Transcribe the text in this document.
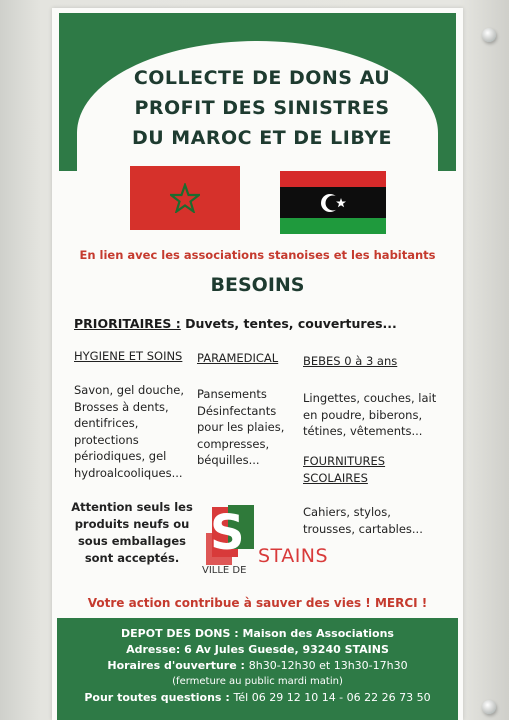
COLLECTE DE DONS AU
PROFIT DES SINISTRES
DU MAROC ET DE LIBYE
En lien avec les associations stanoises et les habitants
BESOINS
PRIORITAIRES : Duvets, tentes, couvertures...
HYGIENE ET SOINS PARAMEDICAL BEBES 0 à 3 ans
Savon, gel douche,
Brosses à dents,
dentifrices,
protections
périodiques, gel
hydroalcooliques...
Pansements
Désinfectants
pour les plaies,
compresses,
béquilles...
Lingettes, couches, lait
en poudre, biberons,
tétines, vêtements...
FOURNITURES
SCOLAIRES
Cahiers, stylos,
trousses, cartables...
Attention seuls les
produits neufs ou
sous emballages
sont acceptés. S
VILLE DE
STAINS
Votre action contribue à sauver des vies ! MERCI !
DEPOT DES DONS : Maison des Associations
Adresse: 6 Av Jules Guesde, 93240 STAINS
Horaires d'ouverture : 8h30-12h30 et 13h30-17h30
(fermeture au public mardi matin)
Pour toutes questions : Tél 06 29 12 10 14 - 06 22 26 73 50
